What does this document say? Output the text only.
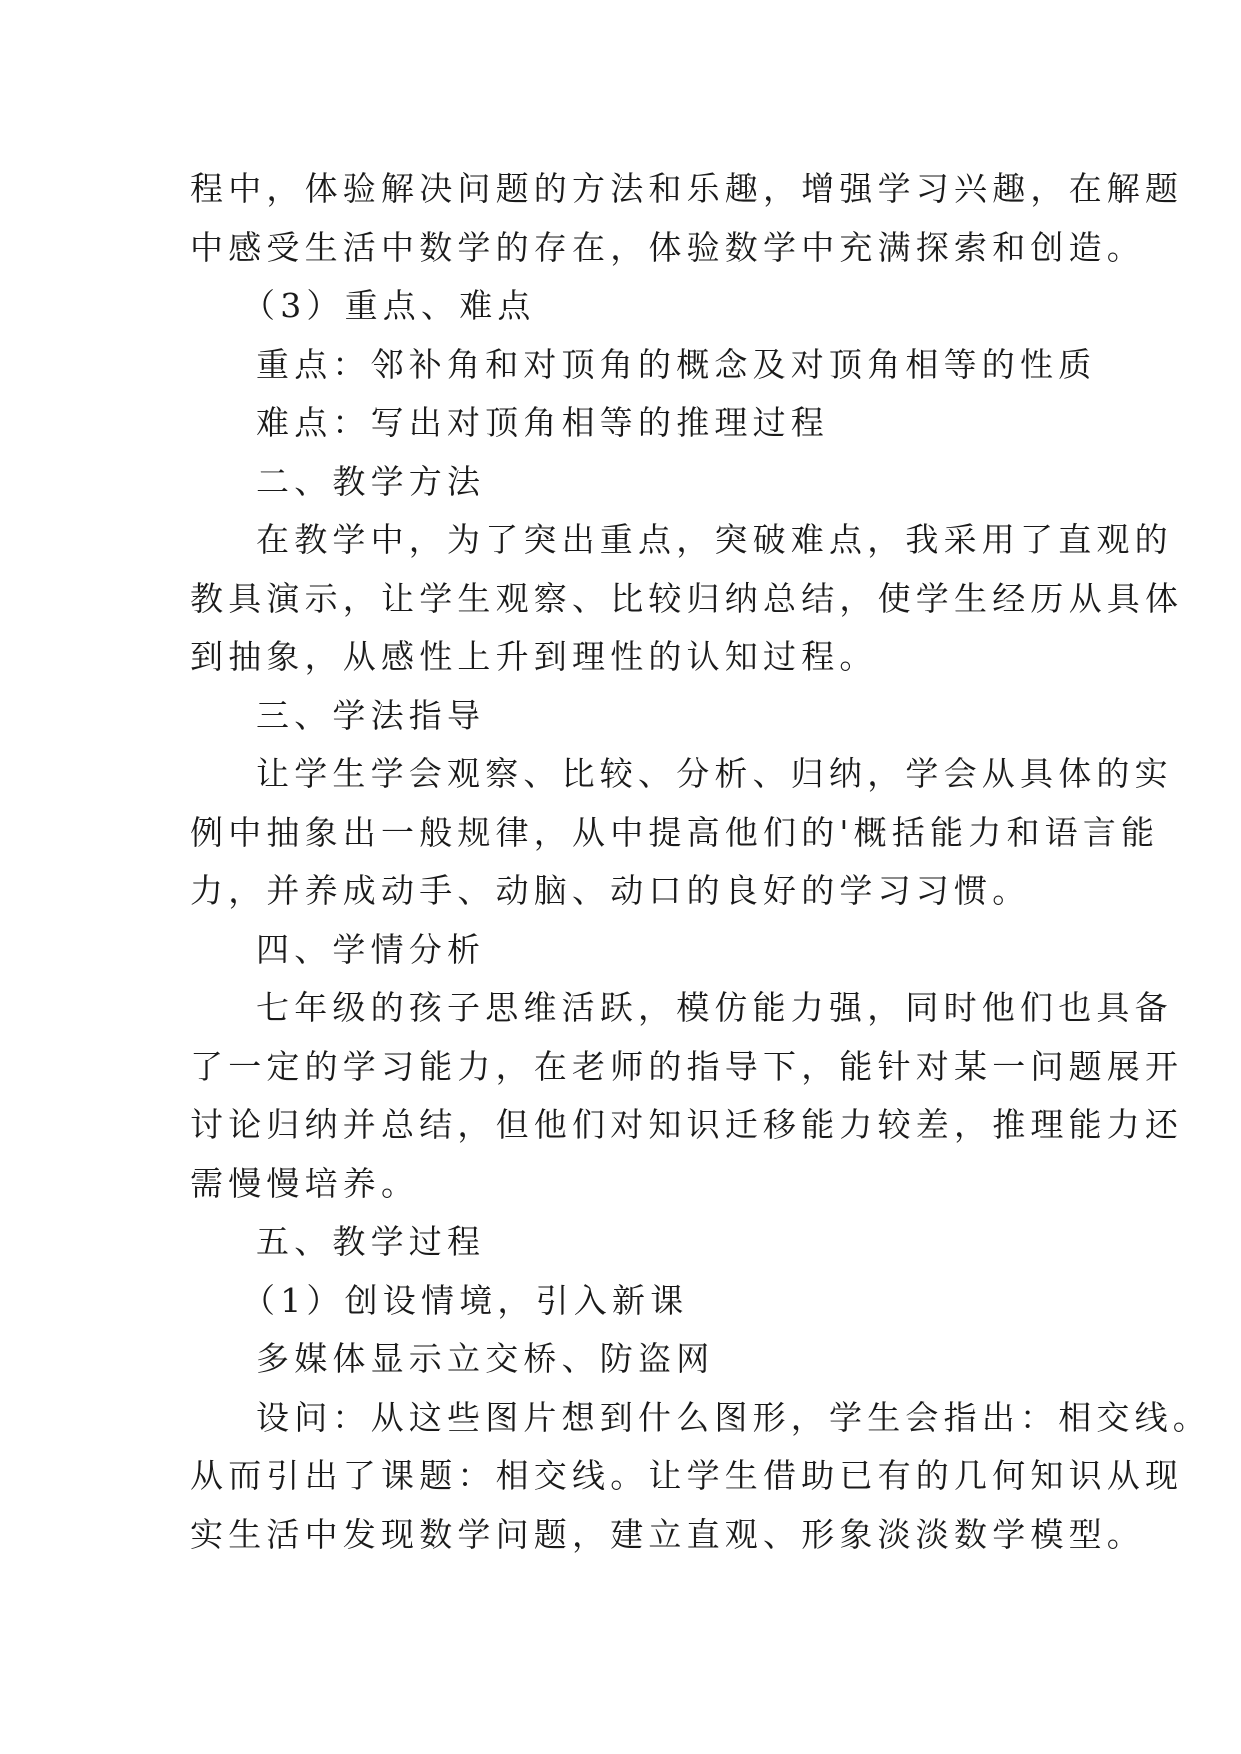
程中，体验解决问题的方法和乐趣，增强学习兴趣，在解题
中感受生活中数学的存在，体验数学中充满探索和创造。
（3）重点、难点
重点：邻补角和对顶角的概念及对顶角相等的性质
难点：写出对顶角相等的推理过程
二、教学方法
在教学中，为了突出重点，突破难点，我采用了直观的
教具演示，让学生观察、比较归纳总结，使学生经历从具体
到抽象，从感性上升到理性的认知过程。
三、学法指导
让学生学会观察、比较、分析、归纳，学会从具体的实
例中抽象出一般规律，从中提高他们的'概括能力和语言能
力，并养成动手、动脑、动口的良好的学习习惯。
四、学情分析
七年级的孩子思维活跃，模仿能力强，同时他们也具备
了一定的学习能力，在老师的指导下，能针对某一问题展开
讨论归纳并总结，但他们对知识迁移能力较差，推理能力还
需慢慢培养。
五、教学过程
（1）创设情境，引入新课
多媒体显示立交桥、防盗网
设问：从这些图片想到什么图形，学生会指出：相交线。
从而引出了课题：相交线。让学生借助已有的几何知识从现
实生活中发现数学问题，建立直观、形象淡淡数学模型。
